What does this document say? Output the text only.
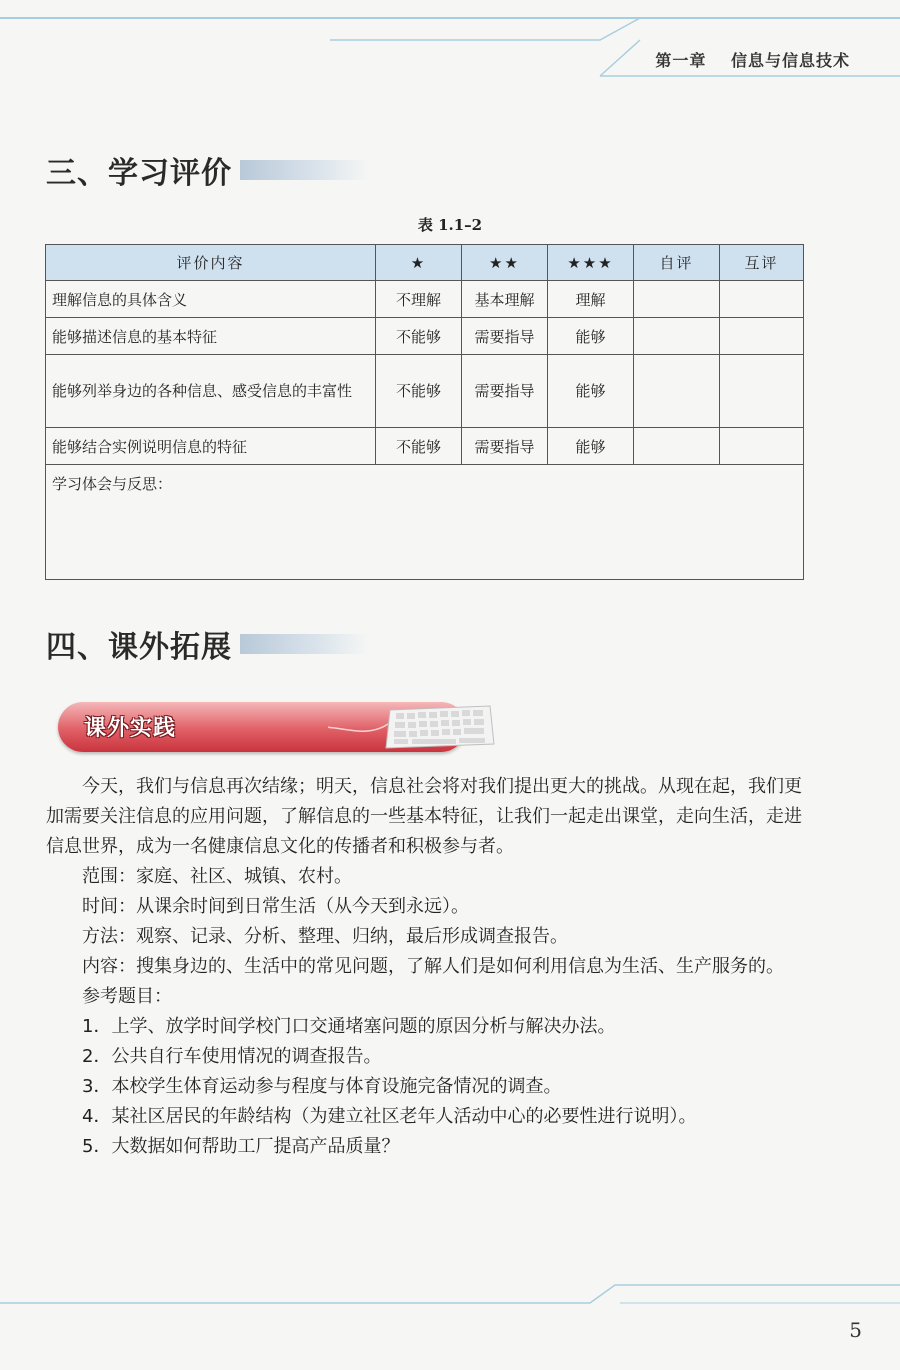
第一章 信息与信息技术
三、学习评价
表 1.1–2
评价内容	★	★★	★★★	自评	互评
理解信息的具体含义	不理解	基本理解	理解		
能够描述信息的基本特征	不能够	需要指导	能够		
能够列举身边的各种信息、感受信息的丰富性	不能够	需要指导	能够		
能够结合实例说明信息的特征	不能够	需要指导	能够		
学习体会与反思：					
四、课外拓展
课外实践

今天，我们与信息再次结缘；明天，信息社会将对我们提出更大的挑战。从现在起，我们更加需要关注信息的应用问题，了解信息的一些基本特征，让我们一起走出课堂，走向生活，走进信息世界，成为一名健康信息文化的传播者和积极参与者。

范围：家庭、社区、城镇、农村。
时间：从课余时间到日常生活（从今天到永远）。
方法：观察、记录、分析、整理、归纳，最后形成调查报告。

内容：搜集身边的、生活中的常见问题，了解人们是如何利用信息为生活、生产服务的。

参考题目：
1．上学、放学时间学校门口交通堵塞问题的原因分析与解决办法。
2．公共自行车使用情况的调查报告。
3．本校学生体育运动参与程度与体育设施完备情况的调查。
4．某社区居民的年龄结构（为建立社区老年人活动中心的必要性进行说明）。
5．大数据如何帮助工厂提高产品质量？
5
